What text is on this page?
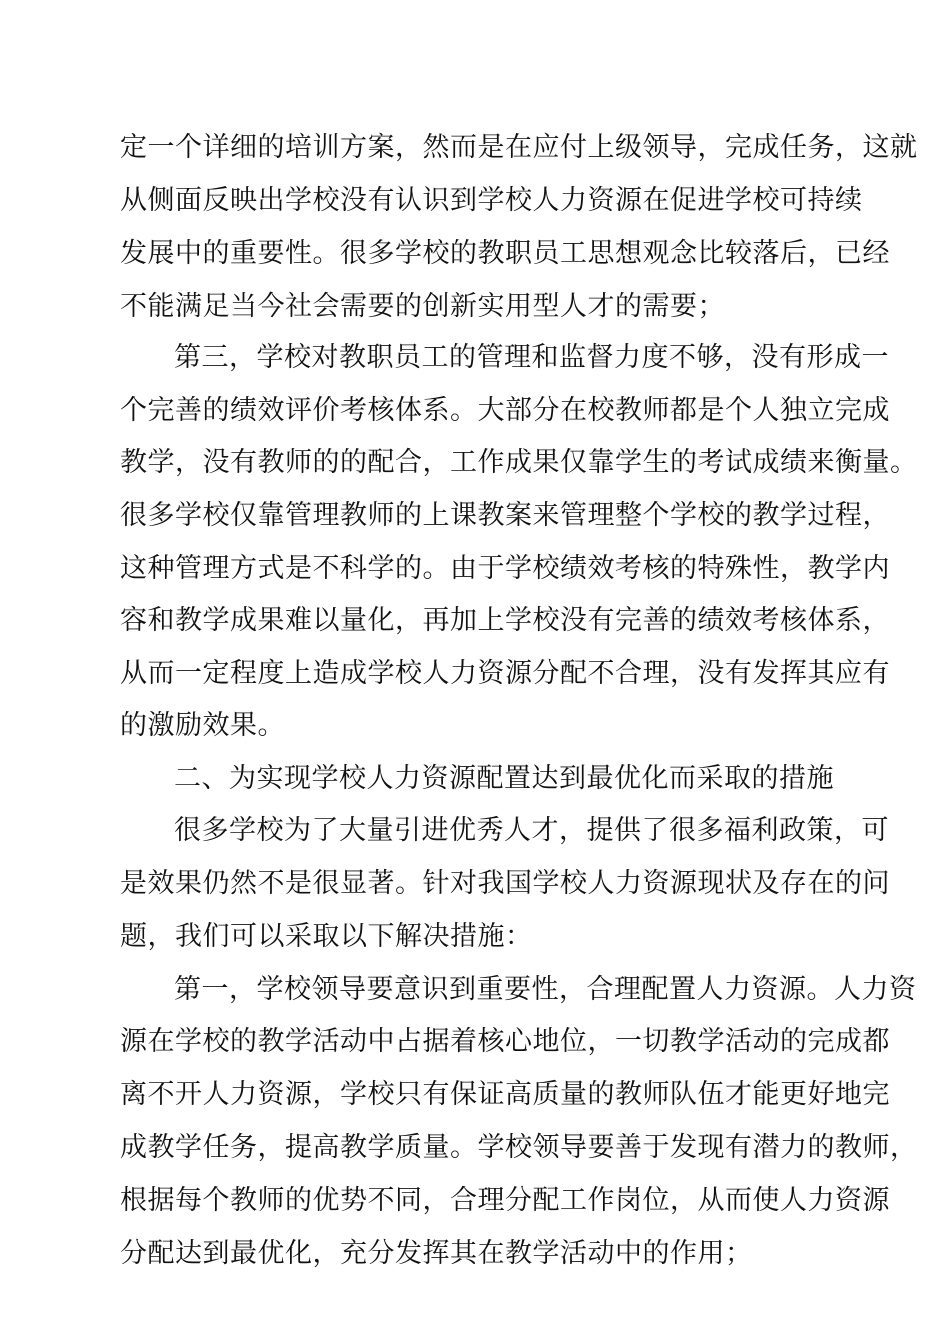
定一个详细的培训方案，然而是在应付上级领导，完成任务，这就

从侧面反映出学校没有认识到学校人力资源在促进学校可持续

发展中的重要性。很多学校的教职员工思想观念比较落后，已经

不能满足当今社会需要的创新实用型人才的需要；

第三，学校对教职员工的管理和监督力度不够，没有形成一

个完善的绩效评价考核体系。大部分在校教师都是个人独立完成

教学，没有教师的的配合，工作成果仅靠学生的考试成绩来衡量。

很多学校仅靠管理教师的上课教案来管理整个学校的教学过程，

这种管理方式是不科学的。由于学校绩效考核的特殊性，教学内

容和教学成果难以量化，再加上学校没有完善的绩效考核体系，

从而一定程度上造成学校人力资源分配不合理，没有发挥其应有

的激励效果。

二、为实现学校人力资源配置达到最优化而采取的措施

很多学校为了大量引进优秀人才，提供了很多福利政策，可

是效果仍然不是很显著。针对我国学校人力资源现状及存在的问

题，我们可以采取以下解决措施：

第一，学校领导要意识到重要性，合理配置人力资源。人力资

源在学校的教学活动中占据着核心地位，一切教学活动的完成都

离不开人力资源，学校只有保证高质量的教师队伍才能更好地完

成教学任务，提高教学质量。学校领导要善于发现有潜力的教师，

根据每个教师的优势不同，合理分配工作岗位，从而使人力资源

分配达到最优化，充分发挥其在教学活动中的作用；
